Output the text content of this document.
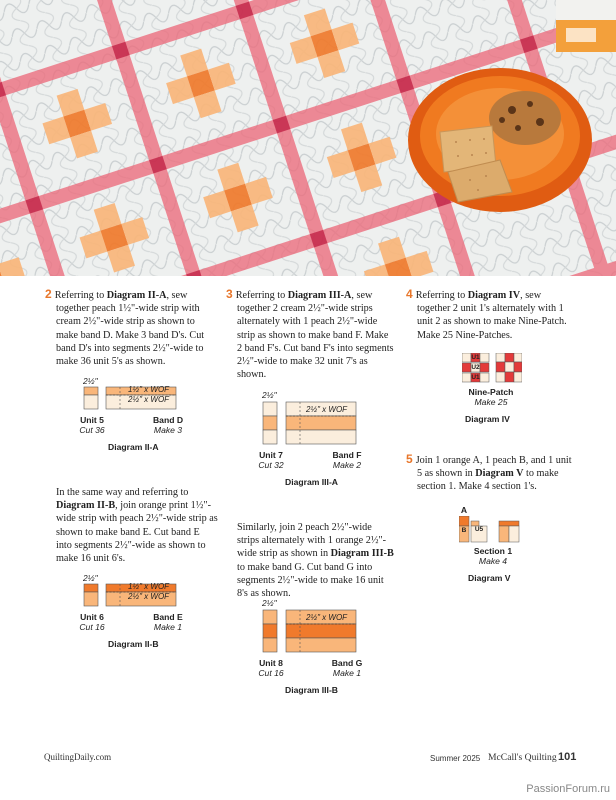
2 Referring to Diagram II-A, sew together peach 1½"-wide strip with cream 2½"-wide strip as shown to make band D. Make 3 band D's. Cut band D's into segments 2½"-wide to make 36 unit 5's as shown.

2½"
1½" x WOF
2½" x WOF
Unit 5
Cut 36
Band D
Make 3
Diagram II-A

In the same way and referring to Diagram II-B, join orange print 1½"-wide strip with peach 2½"-wide strip as shown to make band E. Cut band E into segments 2½"-wide as shown to make 16 unit 6's.

2½"
1½" x WOF
2½" x WOF
Unit 6
Cut 16
Band E
Make 1
Diagram II-B

3 Referring to Diagram III-A, sew together 2 cream 2½"-wide strips alternately with 1 peach 2½"-wide strip as shown to make band F. Make 2 band F's. Cut band F's into segments 2½"-wide to make 32 unit 7's as shown.

2½"
2½" x WOF
Unit 7
Cut 32
Band F
Make 2
Diagram III-A

Similarly, join 2 peach 2½"-wide strips alternately with 1 orange 2½"-wide strip as shown in Diagram III-B to make band G. Cut band G into segments 2½"-wide to make 16 unit 8's as shown.

2½"
2½" x WOF
Unit 8
Cut 16
Band G
Make 1
Diagram III-B

4 Referring to Diagram IV, sew together 2 unit 1's alternately with 1 unit 2 as shown to make Nine-Patch. Make 25 Nine-Patches.

U1
U2
U1
Nine-Patch
Make 25
Diagram IV

5 Join 1 orange A, 1 peach B, and 1 unit 5 as shown in Diagram V to make section 1. Make 4 section 1's.

A
B	U5
Section 1
Make 4
Diagram V
QuiltingDaily.com	Summer 2025 McCall's Quilting 101
PassionForum.ru
